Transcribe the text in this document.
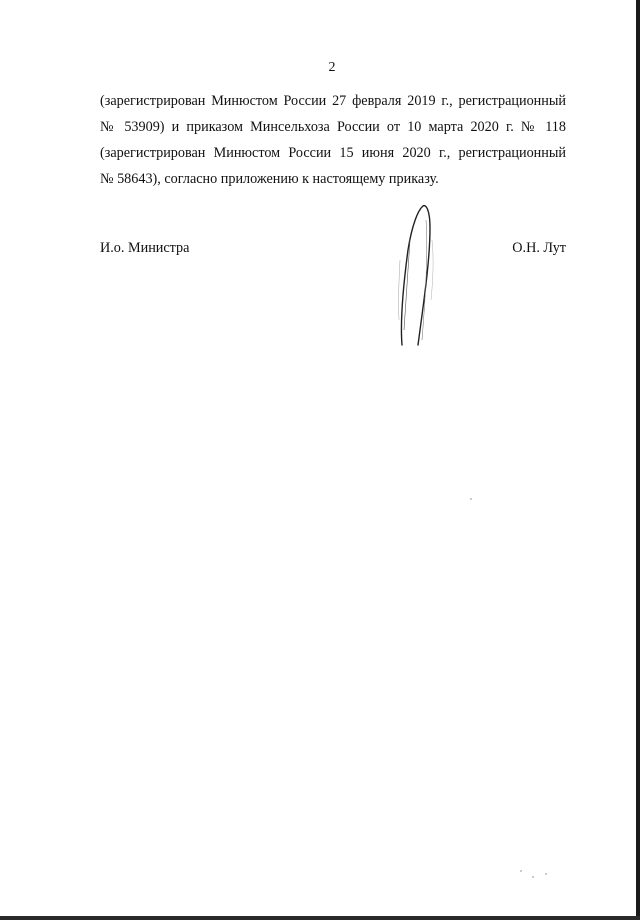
2
(зарегистрирован Минюстом России 27 февраля 2019 г., регистрационный
№ 53909) и приказом Минсельхоза России от 10 марта 2020 г. № 118
(зарегистрирован Минюстом России 15 июня 2020 г., регистрационный
№ 58643), согласно приложению к настоящему приказу.
И.о. Министра	О.Н. Лут
